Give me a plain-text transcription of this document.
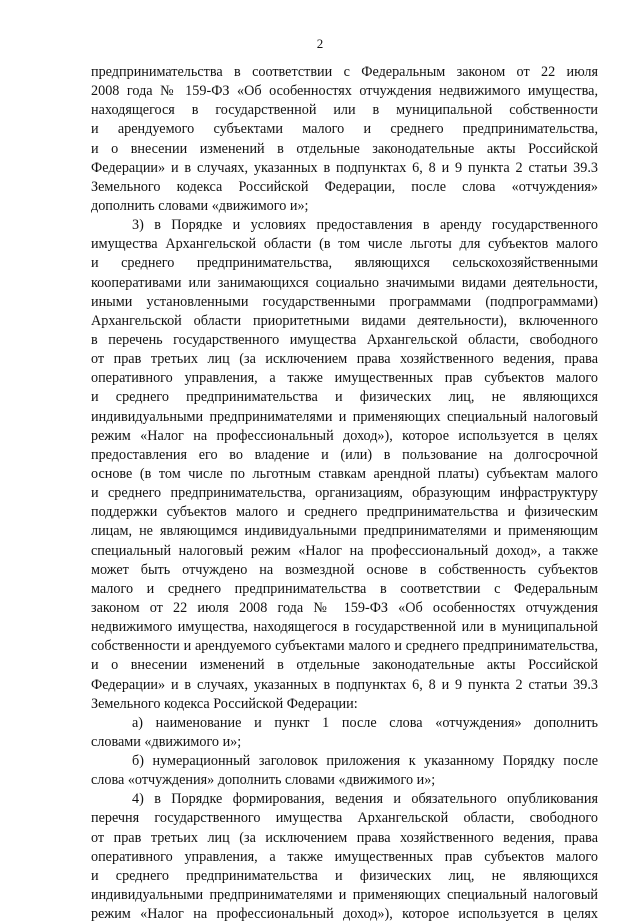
2
предпринимательства в соответствии с Федеральным законом от 22 июля
2008 года № 159-ФЗ «Об особенностях отчуждения недвижимого имущества,
находящегося в государственной или в муниципальной собственности
и арендуемого субъектами малого и среднего предпринимательства,
и о внесении изменений в отдельные законодательные акты Российской
Федерации» и в случаях, указанных в подпунктах 6, 8 и 9 пункта 2 статьи 39.3
Земельного кодекса Российской Федерации, после слова «отчуждения»
дополнить словами «движимого и»;
3) в Порядке и условиях предоставления в аренду государственного
имущества Архангельской области (в том числе льготы для субъектов малого
и среднего предпринимательства, являющихся сельскохозяйственными
кооперативами или занимающихся социально значимыми видами деятельности,
иными установленными государственными программами (подпрограммами)
Архангельской области приоритетными видами деятельности), включенного
в перечень государственного имущества Архангельской области, свободного
от прав третьих лиц (за исключением права хозяйственного ведения, права
оперативного управления, а также имущественных прав субъектов малого
и среднего предпринимательства и физических лиц, не являющихся
индивидуальными предпринимателями и применяющих специальный налоговый
режим «Налог на профессиональный доход»), которое используется в целях
предоставления его во владение и (или) в пользование на долгосрочной
основе (в том числе по льготным ставкам арендной платы) субъектам малого
и среднего предпринимательства, организациям, образующим инфраструктуру
поддержки субъектов малого и среднего предпринимательства и физическим
лицам, не являющимся индивидуальными предпринимателями и применяющим
специальный налоговый режим «Налог на профессиональный доход», а также
может быть отчуждено на возмездной основе в собственность субъектов
малого и среднего предпринимательства в соответствии с Федеральным
законом от 22 июля 2008 года № 159-ФЗ «Об особенностях отчуждения
недвижимого имущества, находящегося в государственной или в муниципальной
собственности и арендуемого субъектами малого и среднего предпринимательства,
и о внесении изменений в отдельные законодательные акты Российской
Федерации» и в случаях, указанных в подпунктах 6, 8 и 9 пункта 2 статьи 39.3
Земельного кодекса Российской Федерации:
а) наименование и пункт 1 после слова «отчуждения» дополнить
словами «движимого и»;
б) нумерационный заголовок приложения к указанному Порядку после
слова «отчуждения» дополнить словами «движимого и»;
4) в Порядке формирования, ведения и обязательного опубликования
перечня государственного имущества Архангельской области, свободного
от прав третьих лиц (за исключением права хозяйственного ведения, права
оперативного управления, а также имущественных прав субъектов малого
и среднего предпринимательства и физических лиц, не являющихся
индивидуальными предпринимателями и применяющих специальный налоговый
режим «Налог на профессиональный доход»), которое используется в целях
